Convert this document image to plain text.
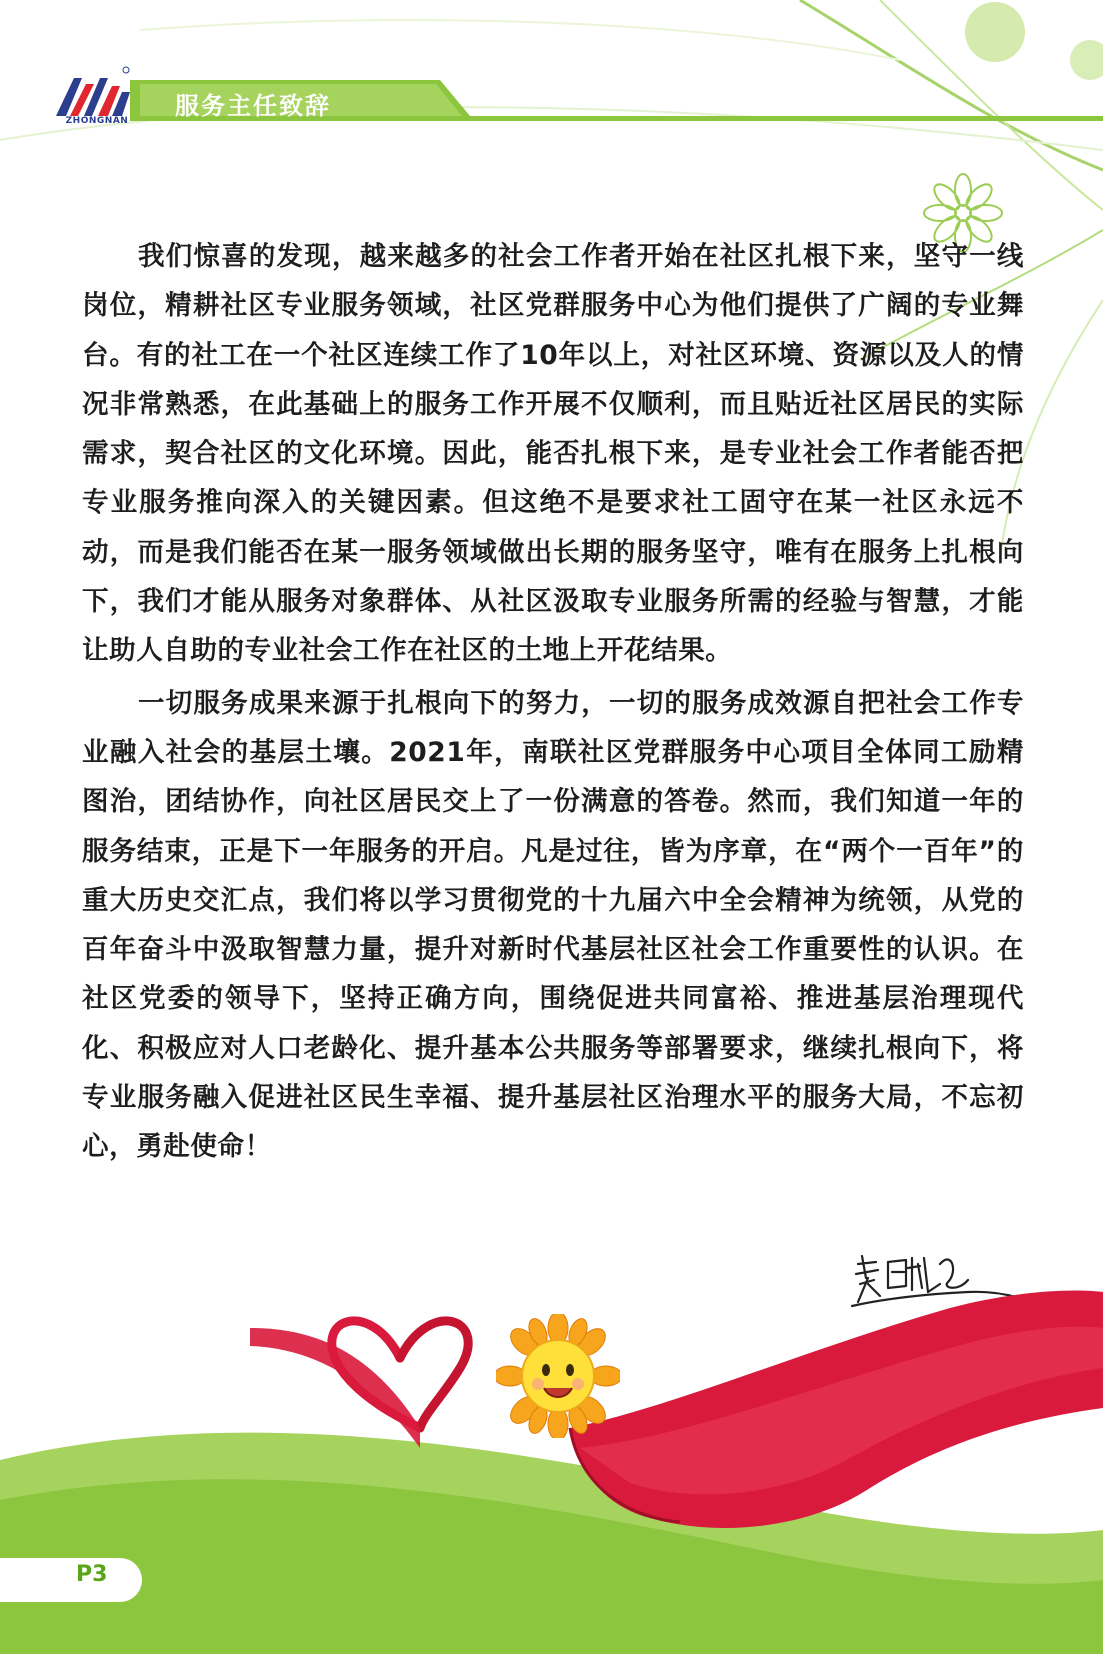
ZHONGNAN
服务主任致辞

我们惊喜的发现，越来越多的社会工作者开始在社区扎根下来，坚守一线岗位，精耕社区专业服务领域，社区党群服务中心为他们提供了广阔的专业舞台。有的社工在一个社区连续工作了10年以上，对社区环境、资源以及人的情况非常熟悉，在此基础上的服务工作开展不仅顺利，而且贴近社区居民的实际需求，契合社区的文化环境。因此，能否扎根下来，是专业社会工作者能否把专业服务推向深入的关键因素。但这绝不是要求社工固守在某一社区永远不动，而是我们能否在某一服务领域做出长期的服务坚守，唯有在服务上扎根向下，我们才能从服务对象群体、从社区汲取专业服务所需的经验与智慧，才能让助人自助的专业社会工作在社区的土地上开花结果。

一切服务成果来源于扎根向下的努力，一切的服务成效源自把社会工作专业融入社会的基层土壤。2021年，南联社区党群服务中心项目全体同工励精图治，团结协作，向社区居民交上了一份满意的答卷。然而，我们知道一年的服务结束，正是下一年服务的开启。凡是过往，皆为序章，在“两个一百年”的重大历史交汇点，我们将以学习贯彻党的十九届六中全会精神为统领，从党的百年奋斗中汲取智慧力量，提升对新时代基层社区社会工作重要性的认识。在社区党委的领导下，坚持正确方向，围绕促进共同富裕、推进基层治理现代化、积极应对人口老龄化、提升基本公共服务等部署要求，继续扎根向下，将专业服务融入促进社区民生幸福、提升基层社区治理水平的服务大局，不忘初心，勇赴使命！

P3
